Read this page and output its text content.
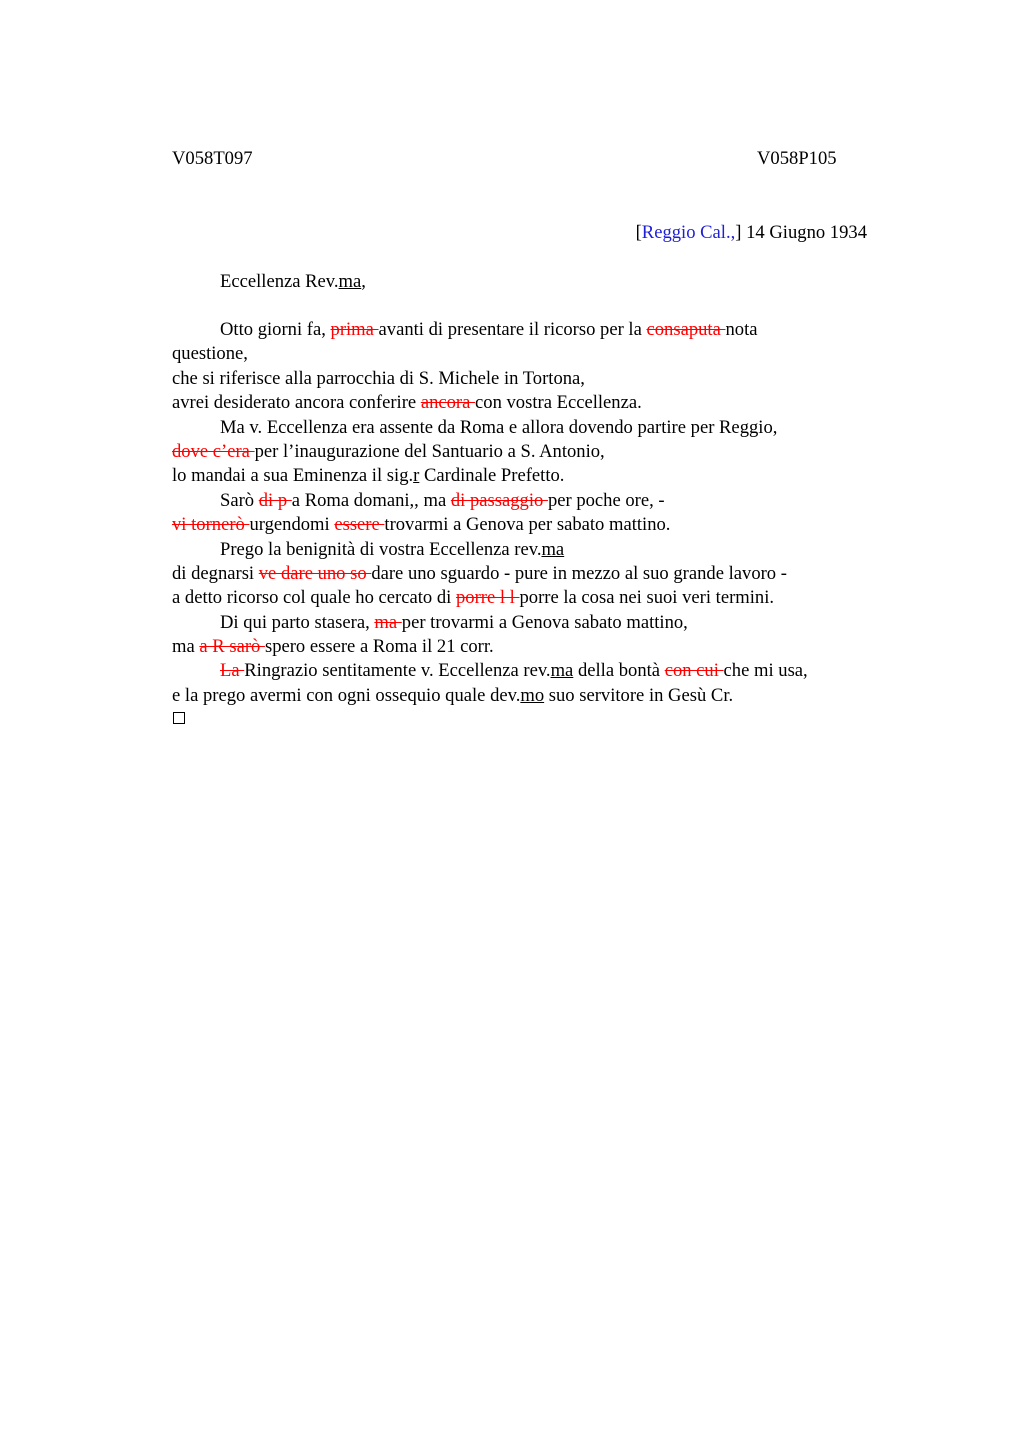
V058T097	V058P105
[Reggio Cal.,] 14 Giugno 1934
Eccellenza Rev.ma,
Otto giorni fa, prima avanti di presentare il ricorso per la consaputa nota
questione,
che si riferisce alla parrocchia di S. Michele in Tortona,
avrei desiderato ancora conferire ancora con vostra Eccellenza.
Ma v. Eccellenza era assente da Roma e allora dovendo partire per Reggio,
dove c’era per l’inaugurazione del Santuario a S. Antonio,
lo mandai a sua Eminenza il sig.r Cardinale Prefetto.
Sarò di p a Roma domani,, ma di passaggio per poche ore, -
vi tornerò urgendomi essere trovarmi a Genova per sabato mattino.
Prego la benignità di vostra Eccellenza rev.ma
di degnarsi ve dare uno so dare uno sguardo - pure in mezzo al suo grande lavoro -
a detto ricorso col quale ho cercato di porre l l porre la cosa nei suoi veri termini.
Di qui parto stasera, ma per trovarmi a Genova sabato mattino,
ma a R sarò spero essere a Roma il 21 corr.
La Ringrazio sentitamente v. Eccellenza rev.ma della bontà con cui che mi usa,
e la prego avermi con ogni ossequio quale dev.mo suo servitore in Gesù Cr.
